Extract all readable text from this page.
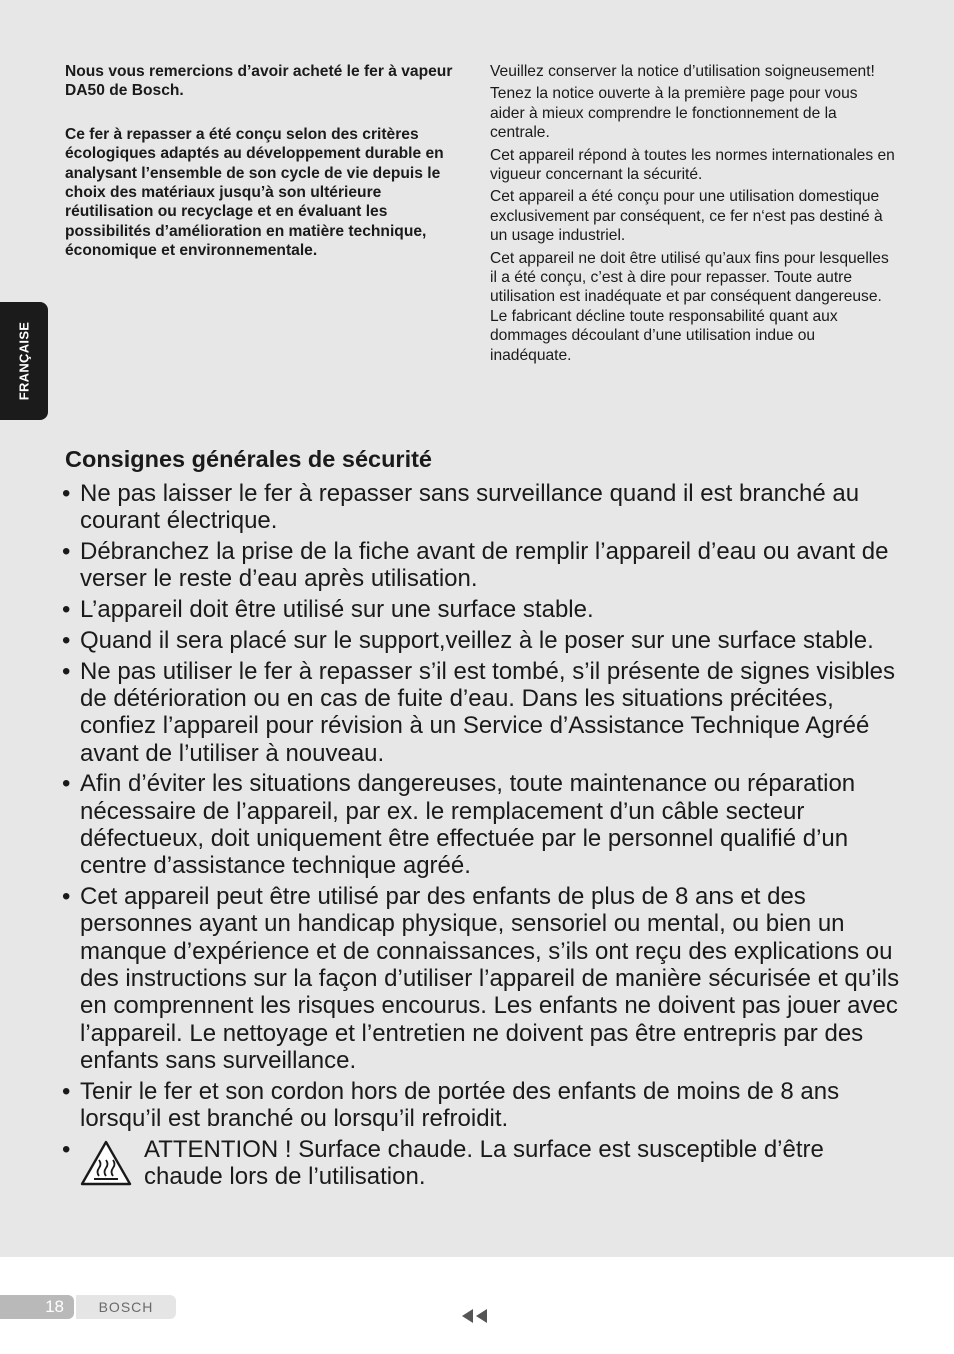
FRANÇAISE

Nous vous remercions d’avoir acheté le fer à vapeur DA50 de Bosch.

Ce fer à repasser a été conçu selon des critères écologiques adaptés au développement durable en analysant l’ensemble de son cycle de vie depuis le choix des matériaux jusqu’à son ultérieure réutilisation ou recyclage et en évaluant les possibilités d’amélioration en matière technique, économique et environnementale.

Veuillez conserver la notice d’utilisation soigneusement!

Tenez la notice ouverte à la première page pour vous aider à mieux comprendre le fonctionnement de la centrale.

Cet appareil répond à toutes les normes internationales en vigueur concernant la sécurité.

Cet appareil a été conçu pour une utilisation domestique exclusivement par conséquent, ce fer n‘est pas destiné à un usage industriel.

Cet appareil ne doit être utilisé qu’aux fins pour lesquelles il a été conçu, c’est à dire pour repasser. Toute autre utilisation est inadéquate et par conséquent dangereuse. Le fabricant décline toute responsabilité quant aux dommages découlant d’une utilisation indue ou inadéquate.

Consignes générales de sécurité
• Ne pas laisser le fer à repasser sans surveillance quand il est branché au courant électrique.
• Débranchez la prise de la fiche avant de remplir l’appareil d’eau ou avant de verser le reste d’eau après utilisation.
• L’appareil doit être utilisé sur une surface stable.
• Quand il sera placé sur le support,veillez à le poser sur une surface stable.
• Ne pas utiliser le fer à repasser s’il est tombé, s’il présente de signes visibles de détérioration ou en cas de fuite d’eau. Dans les situations précitées, confiez l’appareil pour révision à un Service d’Assistance Technique Agréé avant de l’utiliser à nouveau.
• Afin d’éviter les situations dangereuses, toute maintenance ou réparation nécessaire de l’appareil, par ex. le remplacement d’un câble secteur défectueux, doit uniquement être effectuée par le personnel qualifié d’un centre d’assistance technique agréé.
• Cet appareil peut être utilisé par des enfants de plus de 8 ans et des personnes ayant un handicap physique, sensoriel ou mental, ou bien un manque d’expérience et de connaissances, s’ils ont reçu des explications ou des instructions sur la façon d’utiliser l’appareil de manière sécurisée et qu’ils en comprennent les risques encourus. Les enfants ne doivent pas jouer avec l’appareil. Le nettoyage et l’entretien ne doivent pas être entrepris par des enfants sans surveillance.
• Tenir le fer et son cordon hors de portée des enfants de moins de 8 ans lorsqu’il est branché ou lorsqu’il refroidit.
•	ATTENTION ! Surface chaude. La surface est susceptible d’être chaude lors de l’utilisation.
18	BOSCH
